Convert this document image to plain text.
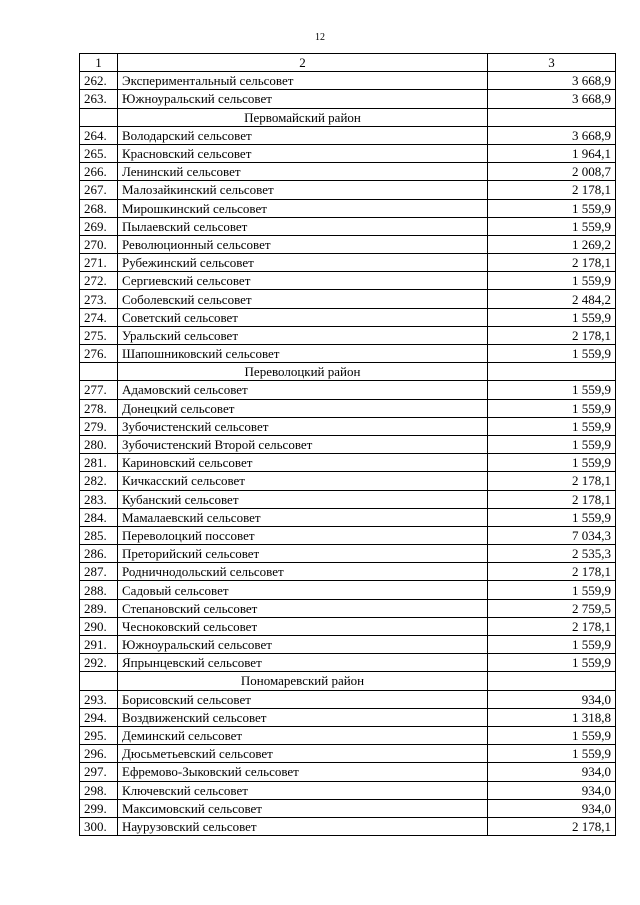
12
1	2	3
262.	Экспериментальный сельсовет	3 668,9
263.	Южноуральский сельсовет	3 668,9
	Первомайский район	
264.	Володарский сельсовет	3 668,9
265.	Красновский сельсовет	1 964,1
266.	Ленинский сельсовет	2 008,7
267.	Малозайкинский сельсовет	2 178,1
268.	Мирошкинский сельсовет	1 559,9
269.	Пылаевский сельсовет	1 559,9
270.	Революционный сельсовет	1 269,2
271.	Рубежинский сельсовет	2 178,1
272.	Сергиевский сельсовет	1 559,9
273.	Соболевский сельсовет	2 484,2
274.	Советский сельсовет	1 559,9
275.	Уральский сельсовет	2 178,1
276.	Шапошниковский сельсовет	1 559,9
	Переволоцкий район	
277.	Адамовский сельсовет	1 559,9
278.	Донецкий сельсовет	1 559,9
279.	Зубочистенский сельсовет	1 559,9
280.	Зубочистенский Второй сельсовет	1 559,9
281.	Кариновский сельсовет	1 559,9
282.	Кичкасский сельсовет	2 178,1
283.	Кубанский сельсовет	2 178,1
284.	Мамалаевский сельсовет	1 559,9
285.	Переволоцкий поссовет	7 034,3
286.	Преторийский сельсовет	2 535,3
287.	Родничнодольский сельсовет	2 178,1
288.	Садовый сельсовет	1 559,9
289.	Степановский сельсовет	2 759,5
290.	Чесноковский сельсовет	2 178,1
291.	Южноуральский сельсовет	1 559,9
292.	Япрынцевский сельсовет	1 559,9
	Пономаревский район	
293.	Борисовский сельсовет	934,0
294.	Воздвиженский сельсовет	1 318,8
295.	Деминский сельсовет	1 559,9
296.	Дюсьметьевский сельсовет	1 559,9
297.	Ефремово-Зыковский сельсовет	934,0
298.	Ключевский сельсовет	934,0
299.	Максимовский сельсовет	934,0
300.	Наурузовский сельсовет	2 178,1
